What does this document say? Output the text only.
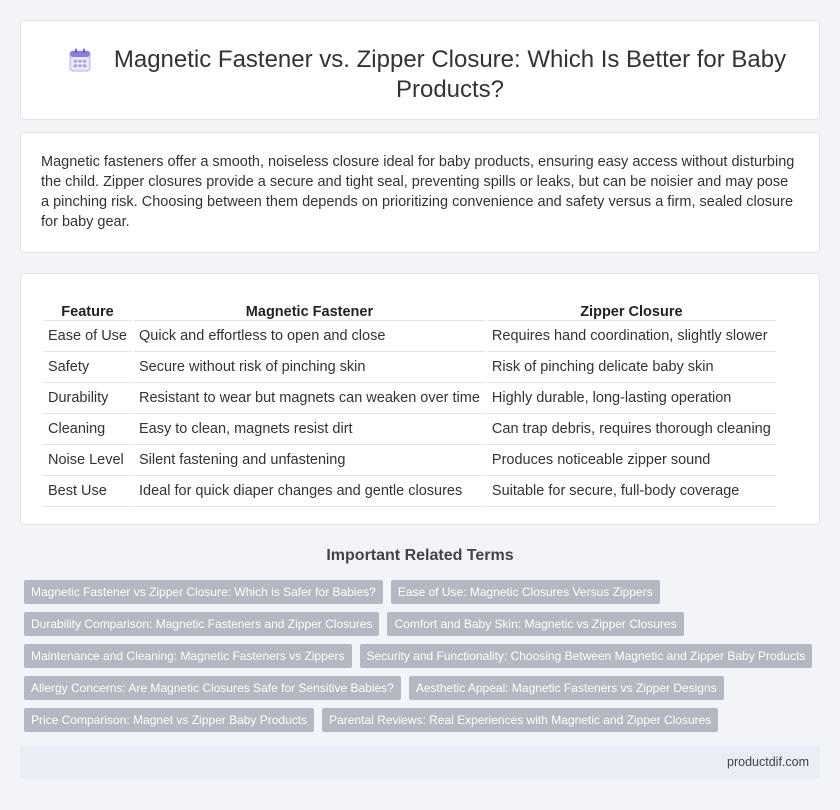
Magnetic Fastener vs. Zipper Closure: Which Is Better for Baby Products?

Magnetic fasteners offer a smooth, noiseless closure ideal for baby products, ensuring easy access without disturbing the child. Zipper closures provide a secure and tight seal, preventing spills or leaks, but can be noisier and may pose a pinching risk. Choosing between them depends on prioritizing convenience and safety versus a firm, sealed closure for baby gear.

Feature	Magnetic Fastener	Zipper Closure
Ease of Use	Quick and effortless to open and close	Requires hand coordination, slightly slower
Safety	Secure without risk of pinching skin	Risk of pinching delicate baby skin
Durability	Resistant to wear but magnets can weaken over time	Highly durable, long-lasting operation
Cleaning	Easy to clean, magnets resist dirt	Can trap debris, requires thorough cleaning
Noise Level	Silent fastening and unfastening	Produces noticeable zipper sound
Best Use	Ideal for quick diaper changes and gentle closures	Suitable for secure, full-body coverage
Important Related Terms
Magnetic Fastener vs Zipper Closure: Which is Safer for Babies?	Ease of Use: Magnetic Closures Versus Zippers
Durability Comparison: Magnetic Fasteners and Zipper Closures	Comfort and Baby Skin: Magnetic vs Zipper Closures
Maintenance and Cleaning: Magnetic Fasteners vs Zippers	Security and Functionality: Choosing Between Magnetic and Zipper Baby Products
Allergy Concerns: Are Magnetic Closures Safe for Sensitive Babies?	Aesthetic Appeal: Magnetic Fasteners vs Zipper Designs
Price Comparison: Magnet vs Zipper Baby Products	Parental Reviews: Real Experiences with Magnetic and Zipper Closures
productdif.com
